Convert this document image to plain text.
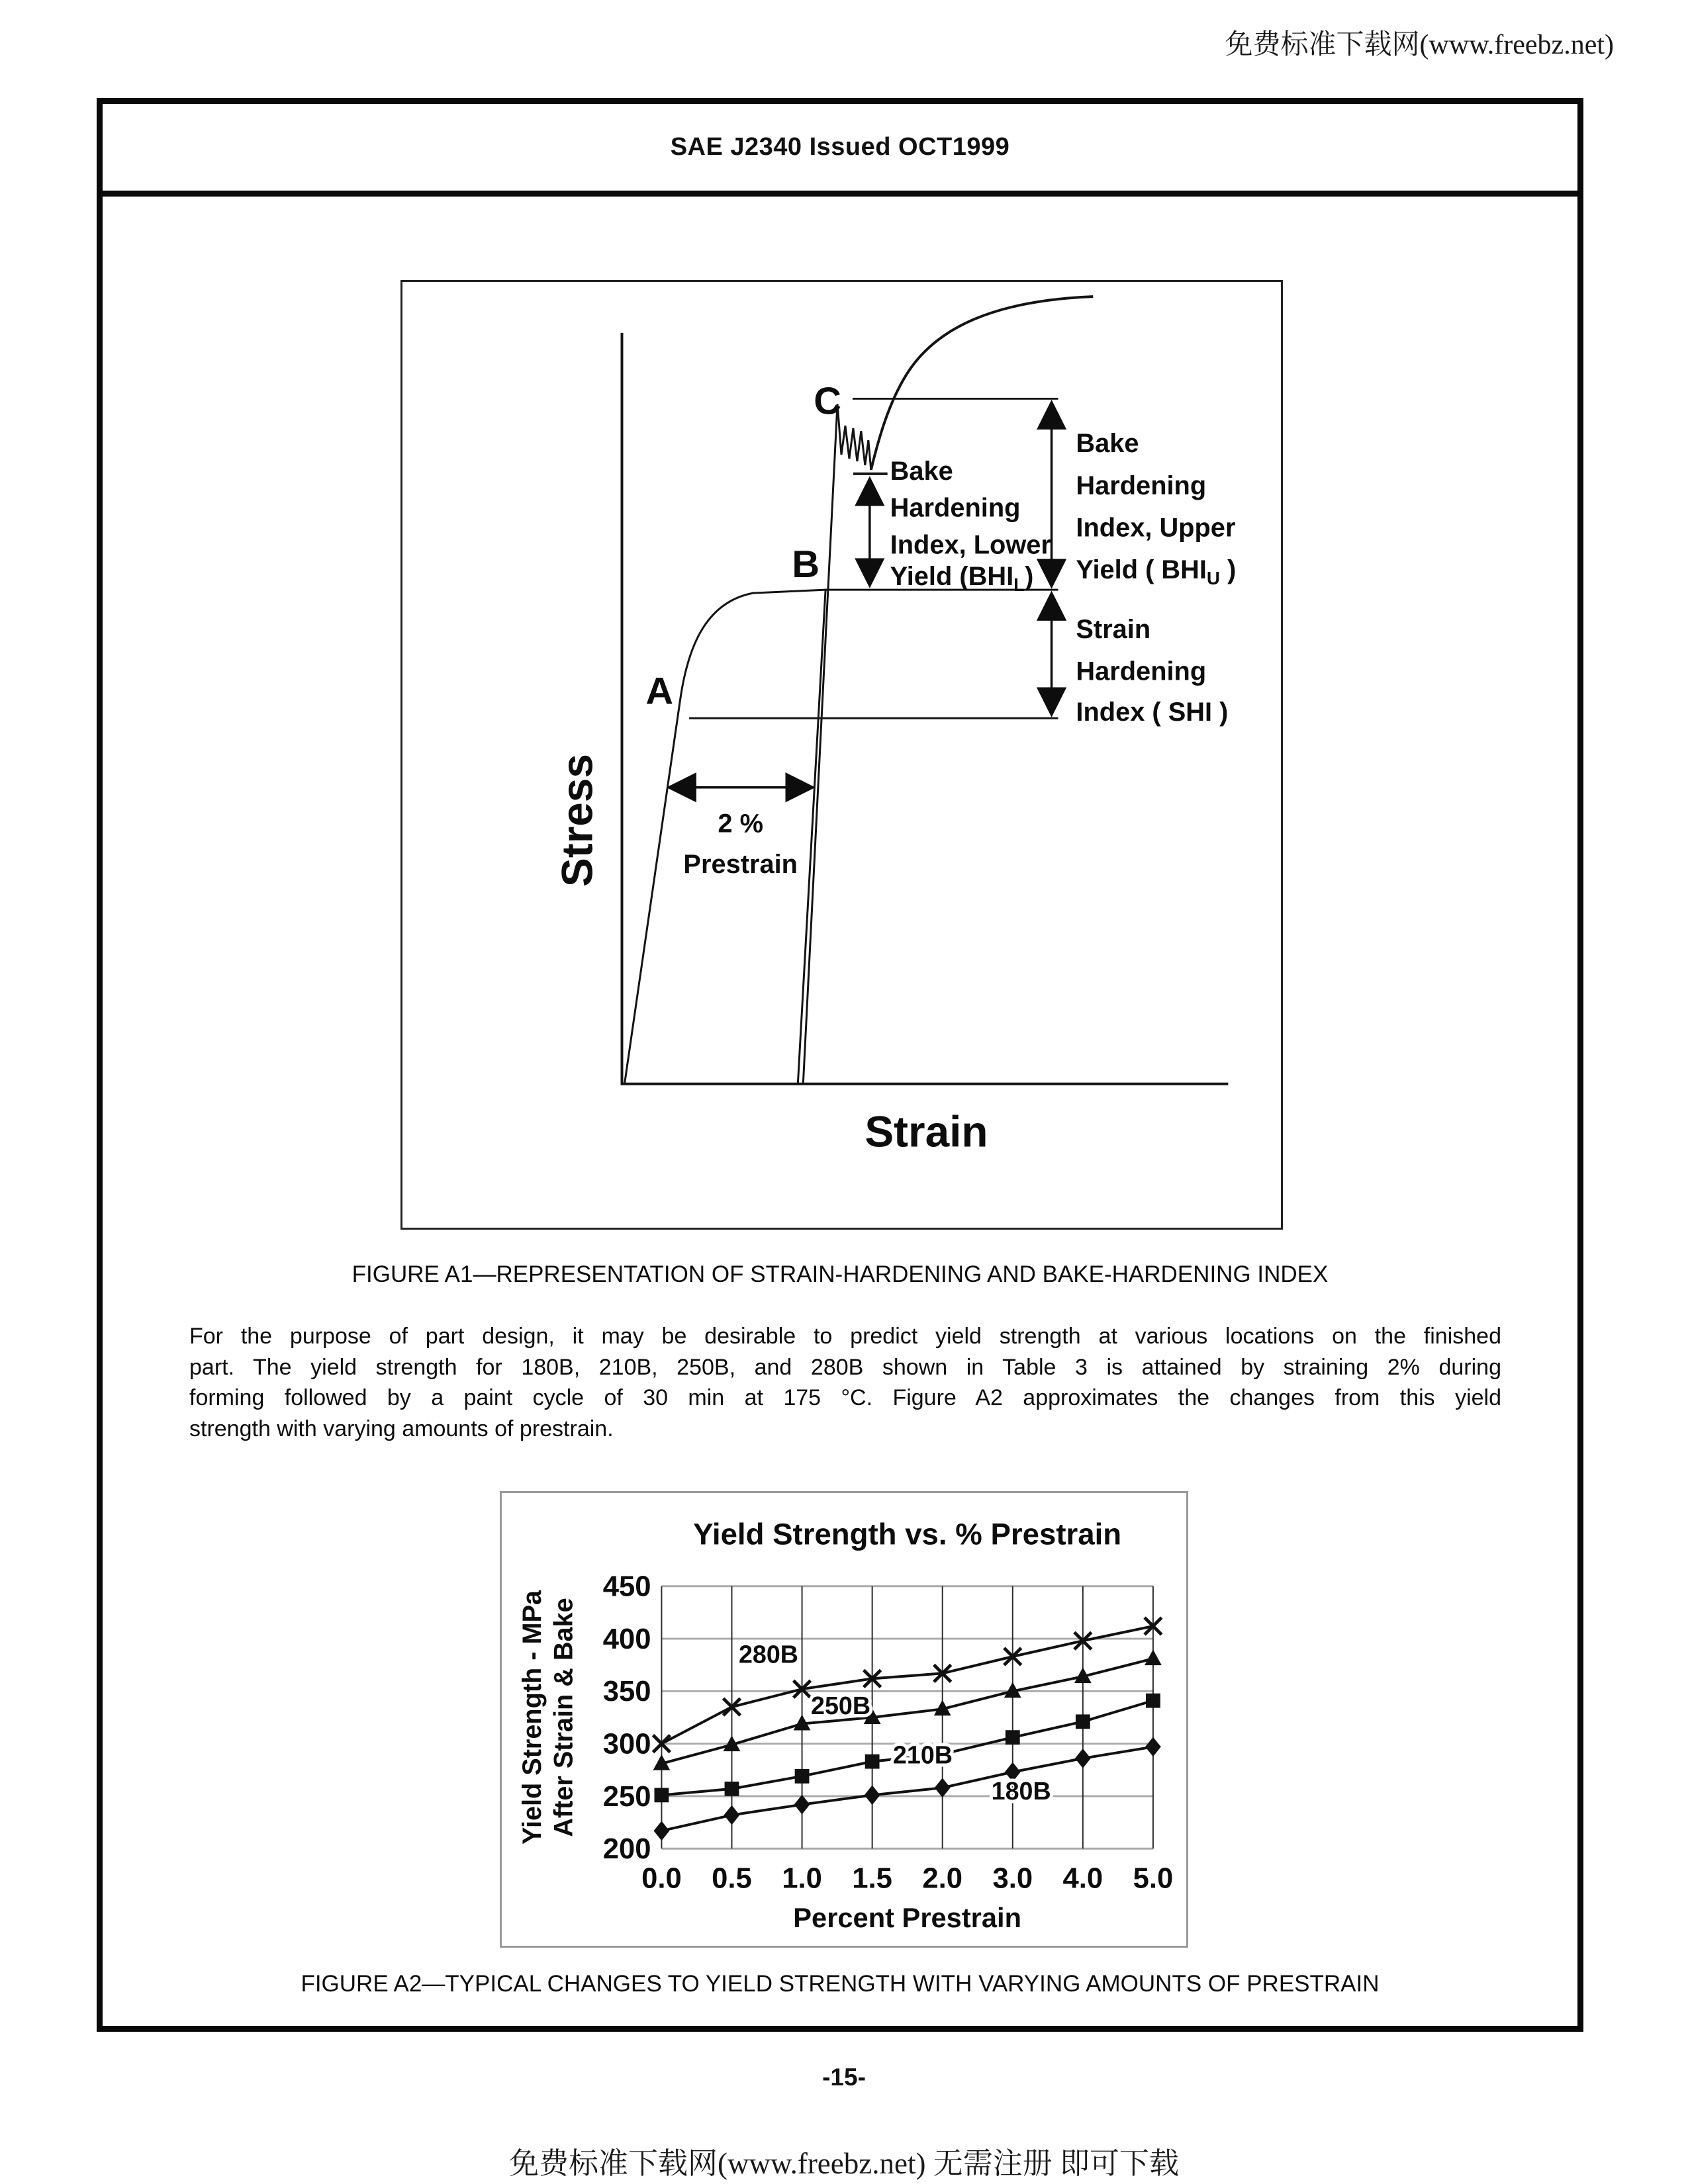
免费标准下载网(www.freebz.net)
SAE J2340 Issued OCT1999
C
B
A
Stress
Strain
2 %
Prestrain
Bake
Hardening
Index, Lower
Yield $(BHI_L)$
Bake
Hardening
Index, Upper
Yield ( $BHI_U$ )
Strain
Hardening
Index ( SHI )
FIGURE A1—REPRESENTATION OF STRAIN-HARDENING AND BAKE-HARDENING INDEX
For the purpose of part design, it may be desirable to predict yield strength at various locations on the finished
part. The yield strength for 180B, 210B, 250B, and 280B shown in Table 3 is attained by straining 2% during
forming followed by a paint cycle of 30 min at 175 °C. Figure A2 approximates the changes from this yield
strength with varying amounts of prestrain.
200
250
300
350
400
450
0.0 0.5 1.0 1.5 2.0 3.0 4.0 5.0
Yield Strength vs. % Prestrain
Percent Prestrain
Yield Strength - MPa After Strain & Bake	280B
250B
210B
180B
FIGURE A2—TYPICAL CHANGES TO YIELD STRENGTH WITH VARYING AMOUNTS OF PRESTRAIN
-15-
免费标准下载网(www.freebz.net) 无需注册 即可下载
